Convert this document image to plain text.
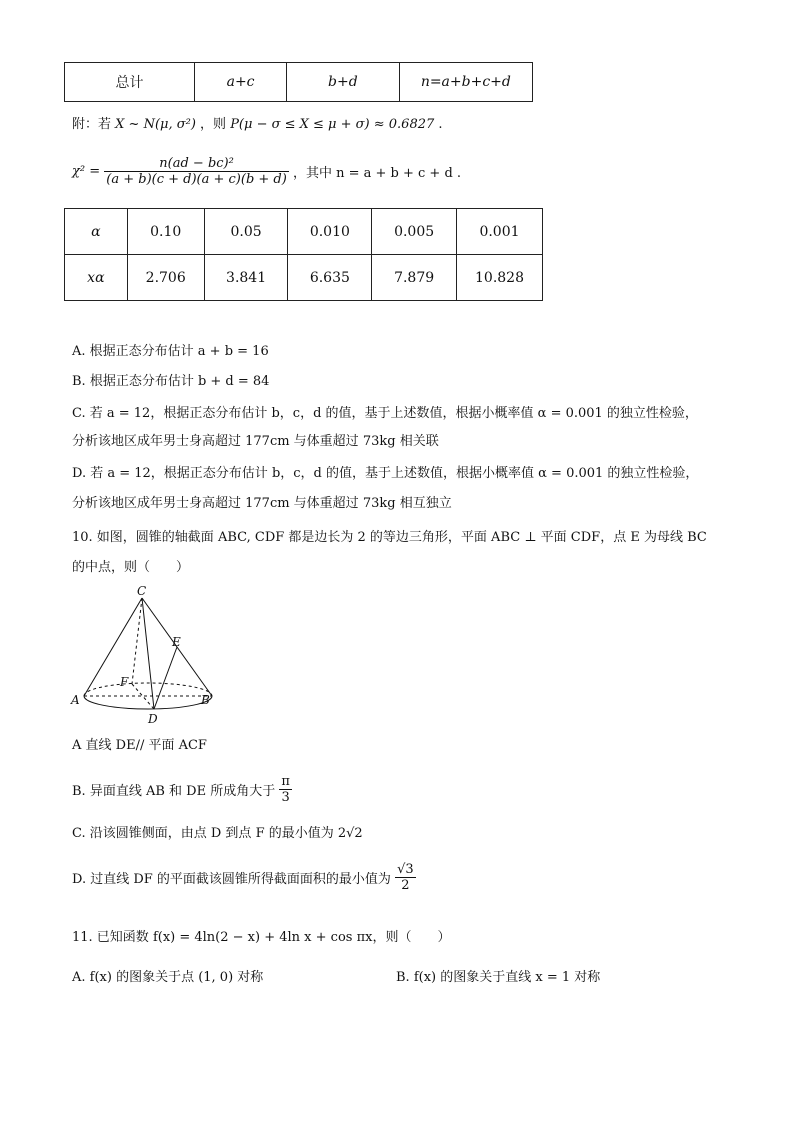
总计	a+c	b+d	n=a+b+c+d
附：若 X ~ N(μ, σ²) ，则 P(μ − σ ≤ X ≤ μ + σ) ≈ 0.6827 .
$\chi^2 = \frac{\text{n(ad − bc)²}}{(a + b)(c + d)(a + c)(b + d)}$ ，其中 n = a + b + c + d .
α	0.10	0.05	0.010	0.005	0.001
xα	2.706	3.841	6.635	7.879	10.828
A. 根据正态分布估计 a + b = 16
B. 根据正态分布估计 b + d = 84
C. 若 a = 12，根据正态分布估计 b，c，d 的值，基于上述数值，根据小概率值 α = 0.001 的独立性检验，
分析该地区成年男士身高超过 177cm 与体重超过 73kg 相关联
D. 若 a = 12，根据正态分布估计 b，c，d 的值，基于上述数值，根据小概率值 α = 0.001 的独立性检验，
分析该地区成年男士身高超过 177cm 与体重超过 73kg 相互独立
10. 如图，圆锥的轴截面 ABC, CDF 都是边长为 2 的等边三角形，平面 ABC ⊥ 平面 CDF，点 E 为母线 BC
的中点，则（　　）
C
E
F
A	B
D
A 直线 DE// 平面 ACF
B. 异面直线 AB 和 DE 所成角大于 $\frac{\pi}{3}$
C. 沿该圆锥侧面，由点 D 到点 F 的最小值为 2√2
D. 过直线 DF 的平面截该圆锥所得截面面积的最小值为 $\frac{√3}{2}$
11. 已知函数 f(x) = 4ln(2 − x) + 4ln x + cos πx，则（　　）
A. f(x) 的图象关于点 (1, 0) 对称	B. f(x) 的图象关于直线 x = 1 对称
